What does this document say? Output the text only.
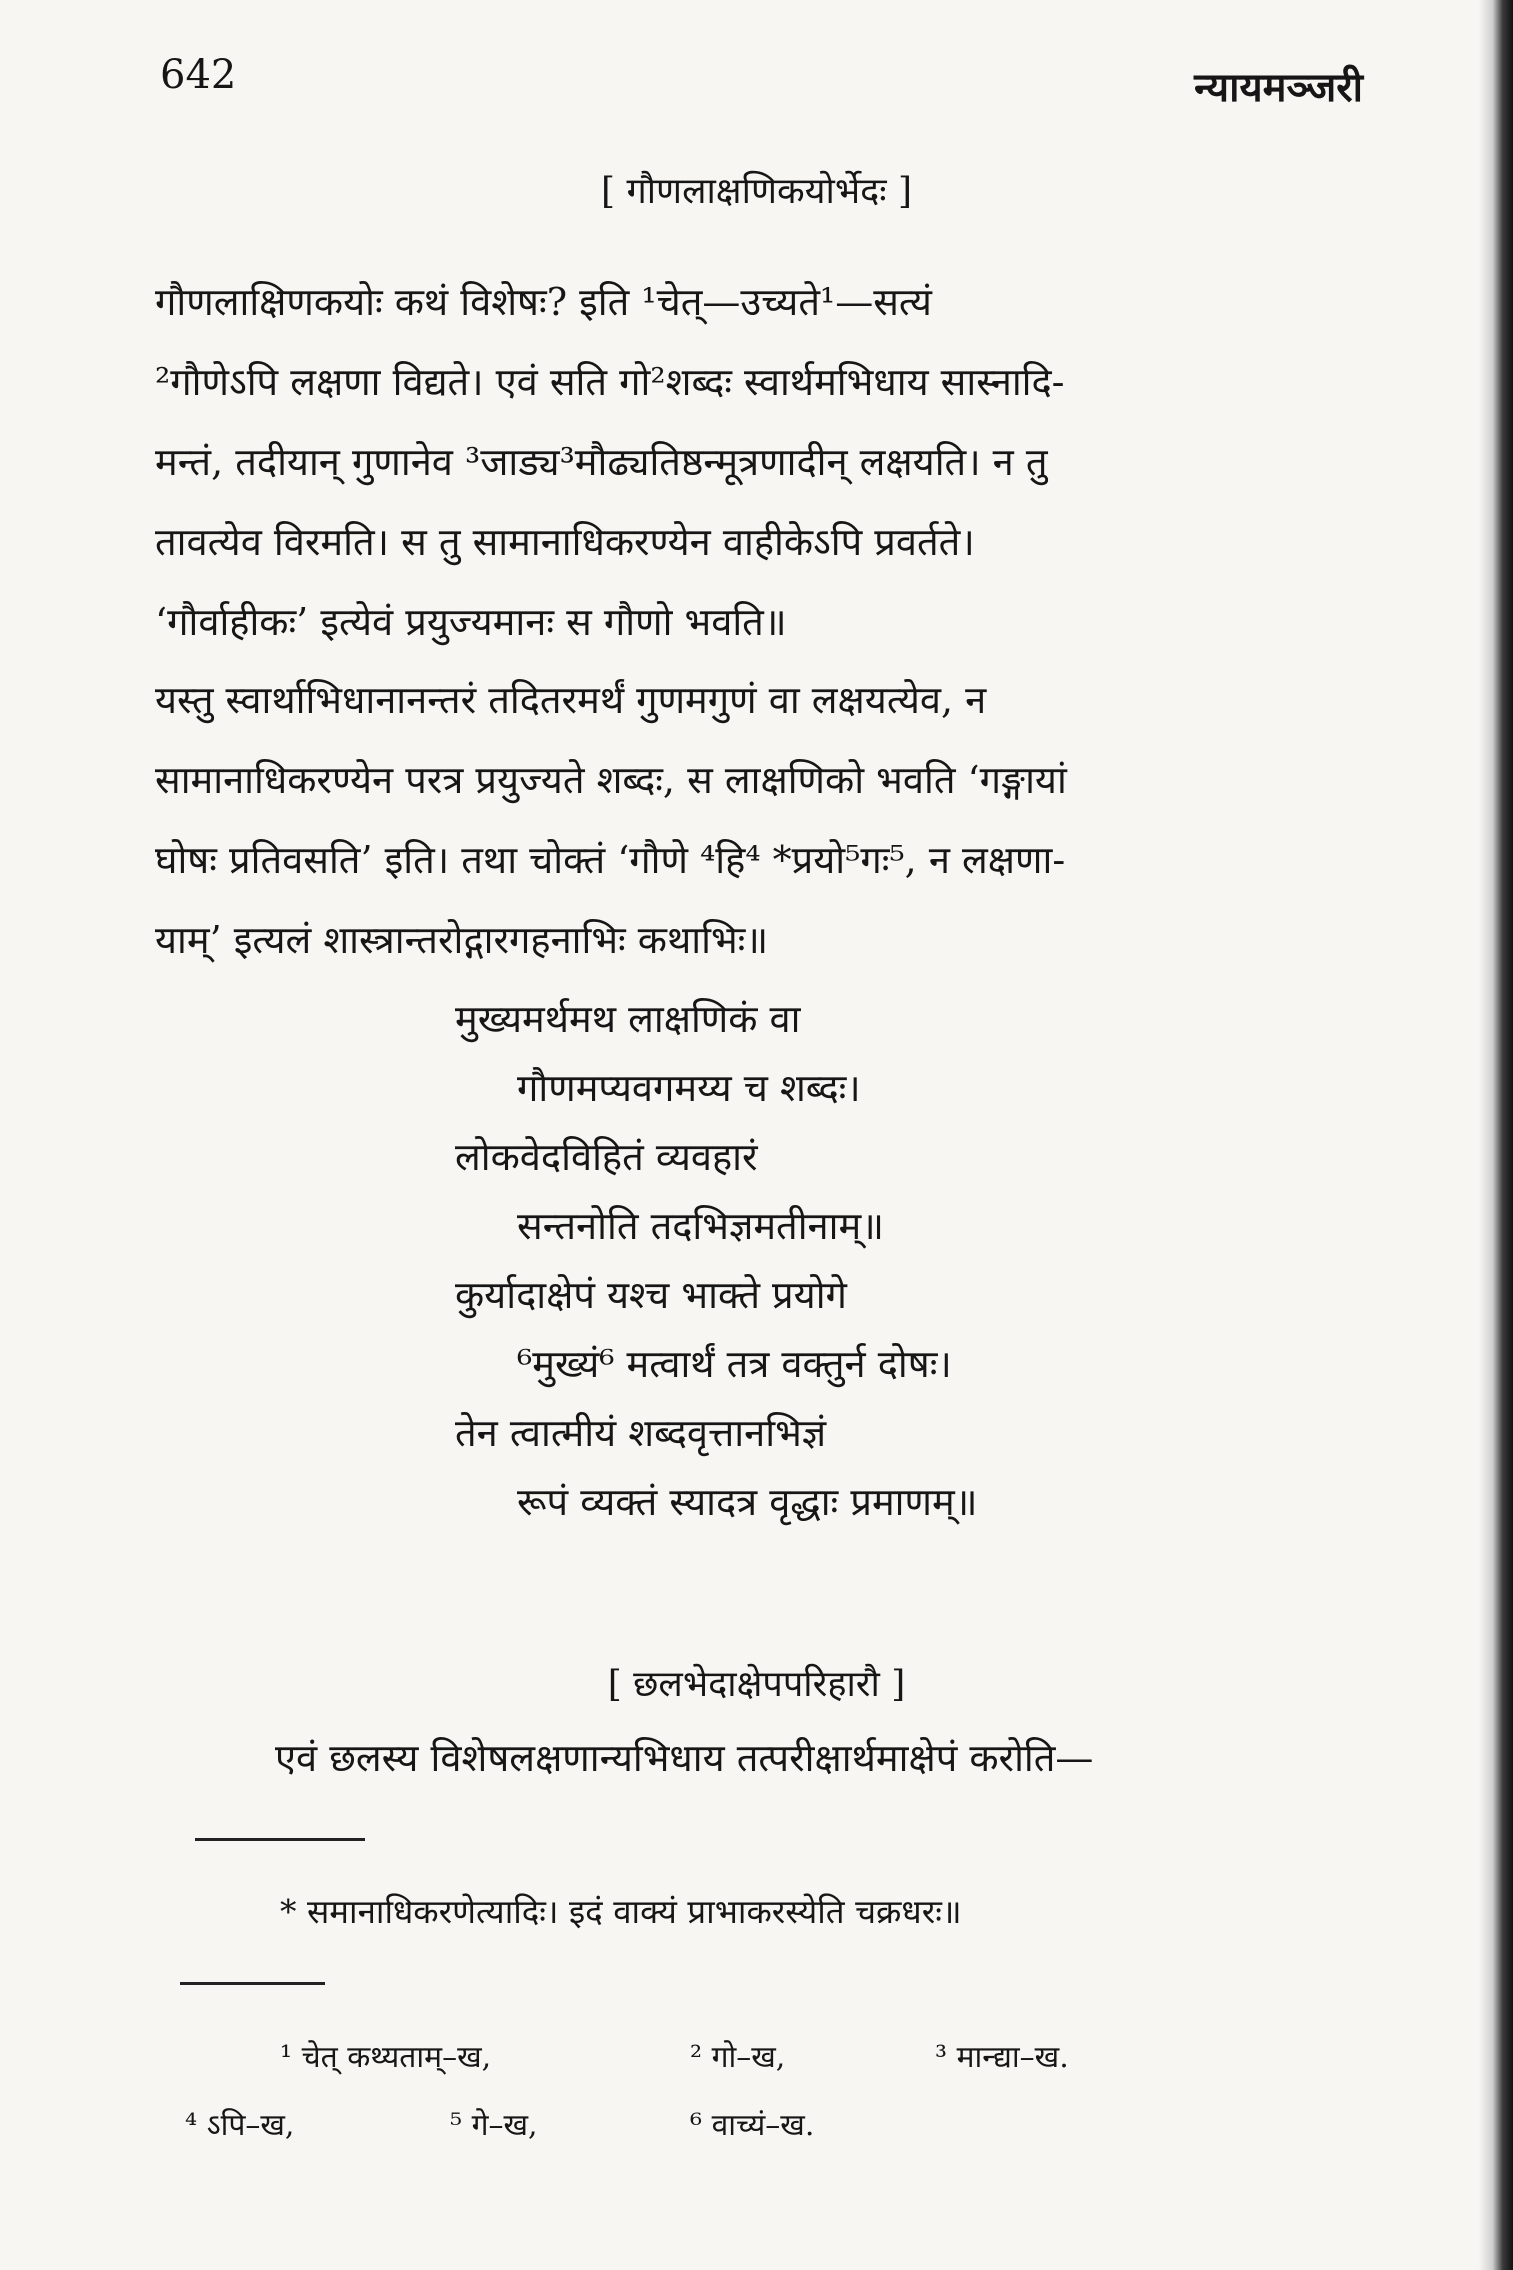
642	न्यायमञ्जरी
[ गौणलाक्षणिकयोर्भेदः ]
गौणलाक्षिणकयोः कथं विशेषः? इति ¹चेत्—उच्यते¹—सत्यं
²गौणेऽपि लक्षणा विद्यते। एवं सति गो²शब्दः स्वार्थमभिधाय सास्नादि-
मन्तं, तदीयान् गुणानेव ³जाड्य³मौढ्यतिष्ठन्मूत्रणादीन् लक्षयति। न तु
तावत्येव विरमति। स तु सामानाधिकरण्येन वाहीकेऽपि प्रवर्तते।
‘गौर्वाहीकः’ इत्येवं प्रयुज्यमानः स गौणो भवति॥
यस्तु स्वार्थाभिधानानन्तरं तदितरमर्थं गुणमगुणं वा लक्षयत्येव, न
सामानाधिकरण्येन परत्र प्रयुज्यते शब्दः, स लाक्षणिको भवति ‘गङ्गायां
घोषः प्रतिवसति’ इति। तथा चोक्तं ‘गौणे ⁴हि⁴ *प्रयो⁵गः⁵, न लक्षणा-
याम्’ इत्यलं शास्त्रान्तरोद्गारगहनाभिः कथाभिः॥
मुख्यमर्थमथ लाक्षणिकं वा
गौणमप्यवगमय्य च शब्दः।
लोकवेदविहितं व्यवहारं
सन्तनोति तदभिज्ञमतीनाम्॥
कुर्यादाक्षेपं यश्च भाक्ते प्रयोगे
⁶मुख्यं⁶ मत्वार्थं तत्र वक्तुर्न दोषः।
तेन त्वात्मीयं शब्दवृत्तानभिज्ञं
रूपं व्यक्तं स्यादत्र वृद्धाः प्रमाणम्॥
[ छलभेदाक्षेपपरिहारौ ]
एवं छलस्य विशेषलक्षणान्यभिधाय तत्परीक्षार्थमाक्षेपं करोति—
* समानाधिकरणेत्यादिः। इदं वाक्यं प्राभाकरस्येति चक्रधरः॥
¹ चेत् कथ्यताम्–ख,	² गो–ख,	³ मान्द्या–ख.
⁴ ऽपि–ख,	⁵ गे–ख,	⁶ वाच्यं–ख.
